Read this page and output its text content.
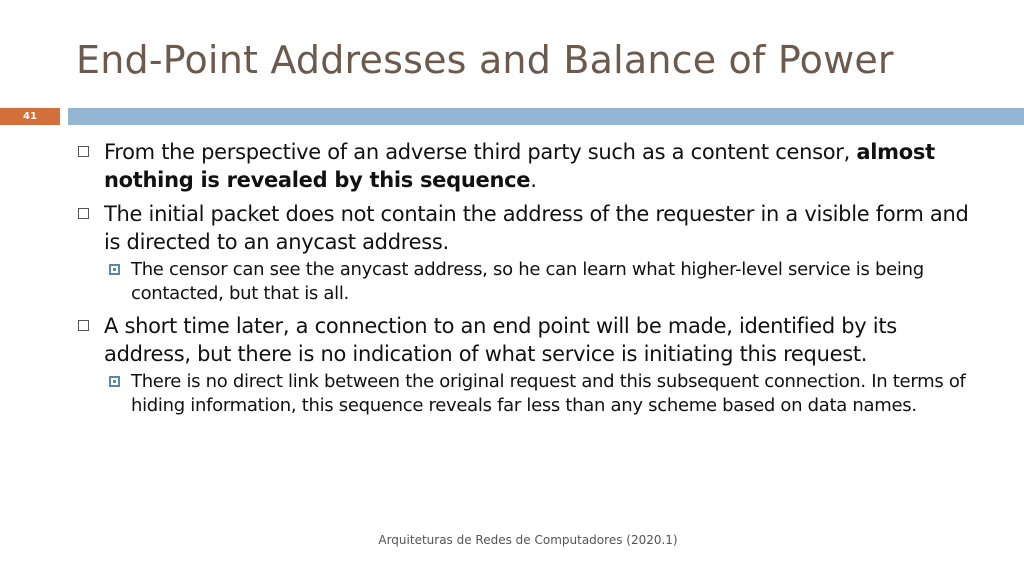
End-Point Addresses and Balance of Power
41
From the perspective of an adverse third party such as a content censor, almost nothing is revealed by this sequence.
The initial packet does not contain the address of the requester in a visible form and is directed to an anycast address.
The censor can see the anycast address, so he can learn what higher-level service is being contacted, but that is all.
A short time later, a connection to an end point will be made, identified by its address, but there is no indication of what service is initiating this request.
There is no direct link between the original request and this subsequent connection. In terms of hiding information, this sequence reveals far less than any scheme based on data names.
Arquiteturas de Redes de Computadores (2020.1)
